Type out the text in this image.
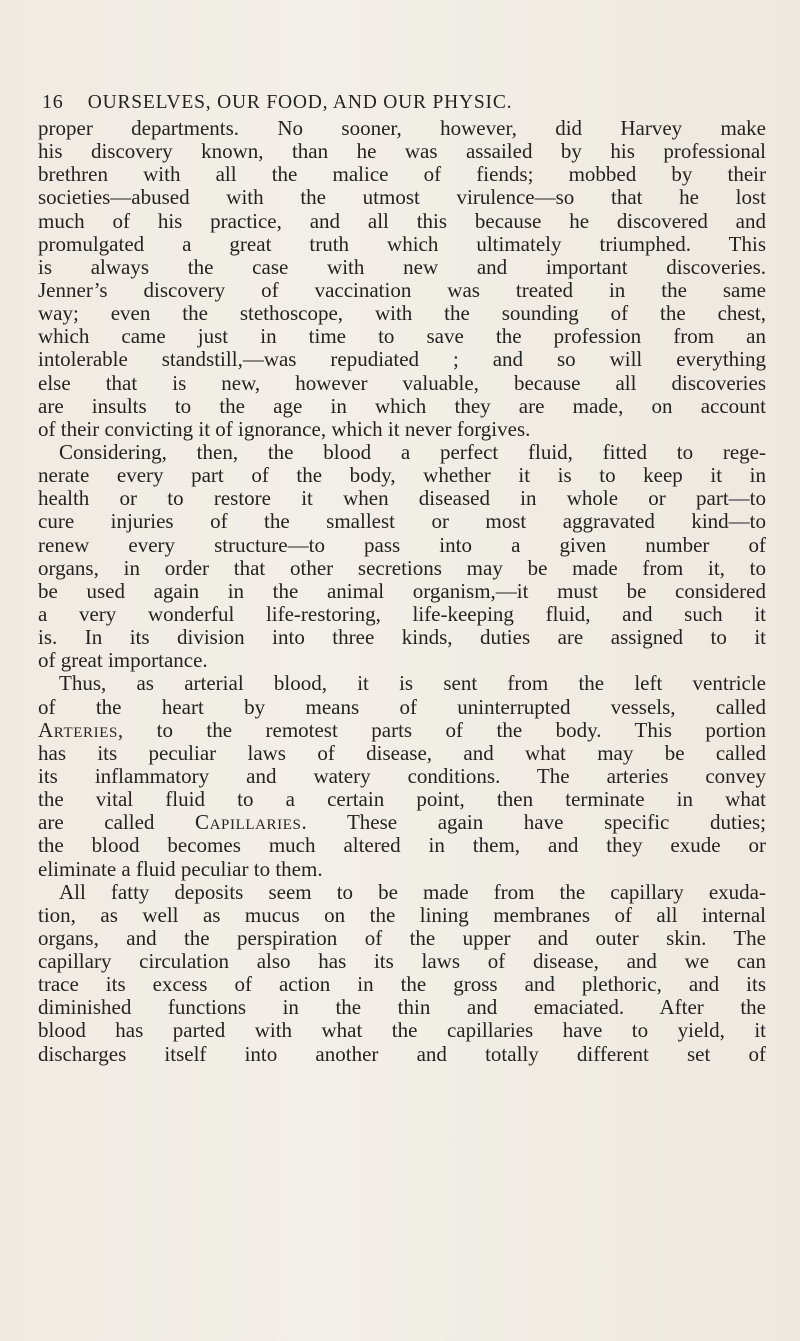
16 OURSELVES, OUR FOOD, AND OUR PHYSIC.
proper departments. No sooner, however, did Harvey make
his discovery known, than he was assailed by his professional
brethren with all the malice of fiends; mobbed by their
societies—abused with the utmost virulence—so that he lost
much of his practice, and all this because he discovered and
promulgated a great truth which ultimately triumphed. This
is always the case with new and important discoveries.
Jenner’s discovery of vaccination was treated in the same
way; even the stethoscope, with the sounding of the chest,
which came just in time to save the profession from an
intolerable standstill,—was repudiated ; and so will everything
else that is new, however valuable, because all discoveries
are insults to the age in which they are made, on account
of their convicting it of ignorance, which it never forgives.
Considering, then, the blood a perfect fluid, fitted to rege-
nerate every part of the body, whether it is to keep it in
health or to restore it when diseased in whole or part—to
cure injuries of the smallest or most aggravated kind—to
renew every structure—to pass into a given number of
organs, in order that other secretions may be made from it, to
be used again in the animal organism,—it must be considered
a very wonderful life-restoring, life-keeping fluid, and such it
is. In its division into three kinds, duties are assigned to it
of great importance.
Thus, as arterial blood, it is sent from the left ventricle
of the heart by means of uninterrupted vessels, called
Arteries, to the remotest parts of the body. This portion
has its peculiar laws of disease, and what may be called
its inflammatory and watery conditions. The arteries convey
the vital fluid to a certain point, then terminate in what
are called Capillaries. These again have specific duties;
the blood becomes much altered in them, and they exude or
eliminate a fluid peculiar to them.
All fatty deposits seem to be made from the capillary exuda-
tion, as well as mucus on the lining membranes of all internal
organs, and the perspiration of the upper and outer skin. The
capillary circulation also has its laws of disease, and we can
trace its excess of action in the gross and plethoric, and its
diminished functions in the thin and emaciated. After the
blood has parted with what the capillaries have to yield, it
discharges itself into another and totally different set of
